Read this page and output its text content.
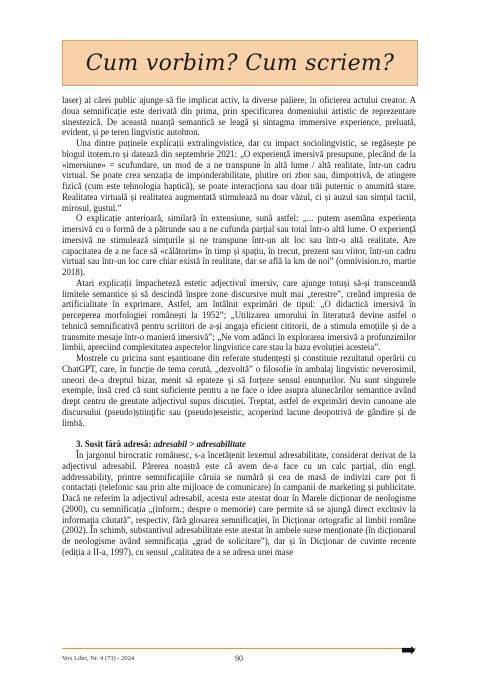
Cum vorbim? Cum scriem?

laser) al cărei public ajunge să fie implicat activ, la diverse paliere, în oficierea actului creator. A doua semnificație este derivată din prima, prin specificarea domeniului artistic de reprezentare sinestezică. De această nuanță semantică se leagă și sintagma immersive experience, preluată, evident, și pe teren lingvistic autohton.

Una dintre puținele explicații extralingvistice, dar cu impact sociolingvistic, se regăsește pe blogul itotem.ro și datează din septembrie 2021: „O experiență imersivă presupune, plecând de la «imersiune» = scufundare, un mod de a ne transpune în altă lume / altă realitate, într-un cadru virtual. Se poate crea senzația de imponderabilitate, plutire ori zbor sau, dimpotrivă, de atingere fizică (cum este tehnologia haptică), se poate interacționa sau doar trăi puternic o anumită stare. Realitatea virtuală și realitatea augmentată stimulează nu doar văzul, ci și auzul sau simțul tactil, mirosul, gustul.”

O explicație anterioară, similară în extensiune, sună astfel: „... putem asemăna experiența imersivă cu o formă de a pătrunde sau a ne cufunda parțial sau total într-o altă lume. O experiență imersivă ne stimulează simțurile și ne transpune într-un alt loc sau într-o altă realitate. Are capacitatea de a ne face să «călătorim» în timp și spațiu, în trecut, prezent sau viitor, într-un cadru virtual sau într-un loc care chiar există în realitate, dar se află la km de noi” (omnivision.ro, martie 2018).

Atari explicații împacheteză estetic adjectivul imersiv, care ajunge totuși să-și transceandă limitele semantice și să descindă înspre zone discursive mult mai „terestre”, creând impresia de artificialitate în exprimare. Astfel, am întâlnit exprimări de tipul: „O didactică imersivă în perceperea morfologiei românești la 1952”; „Utilizarea umorului în literatură devine astfel o tehnică semnificativă pentru scriitori de a-și angaja eficient cititorii, de a stimula emoțiile și de a transmite mesaje într-o manieră imersivă”; „Ne vom adânci în explorarea imersivă a profunzimilor limbii, apreciind complexitatea aspectelor lingvistice care stau la baza evoluției acesteia”.

Mostrele cu pricina sunt eșantioane din referate studențești și constituie rezultatul operării cu ChatGPT, care, în funcție de tema cerută, „dezvoltă” o filosofie în ambalaj lingvistic neverosimil, uneori de-a dreptul bizar, menit să epateze și să forțeze sensul enunțurilor. Nu sunt singurele exemple, însă cred că sunt suficiente pentru a ne face o idee asupra alunecărilor semantice având drept centru de greutate adjectivul supus discuției. Treptat, astfel de exprimări devin canoane ale discursului (pseudo)științific sau (pseudo)eseistic, acoperind lacune deopotrivă de gândire și de limbă.

3. Sosit fără adresă: adresabil > adresabilitate

În jargonul birocratic românesc, s-a încetățenit lexemul adresabilitate, considerat derivat de la adjectivul adresabil. Părerea noastră este că avem de-a face cu un calc parțial, din engl. addressability, printre semnificațiile căruia se numără și cea de masă de indivizi care pot fi contactați (telefonic sau prin alte mijloace de comunicare) în campanii de marketing și publicitate. Dacă ne referim la adjectivul adresabil, acesta este atestat doar în Marele dicționar de neologisme (2000), cu semnificația „(inform.; despre o memorie) care permite să se ajungă direct exclusiv la informația căutată”, respectiv, fără glosarea semnificației, în Dicționar ortografic al limbii române (2002). În schimb, substantivul adresabilitate este atestat în ambele surse menționate (în dicționarul de neologisme având semnificația „grad de solicitare”), dar și în Dicționar de cuvinte recente (ediția a II-a, 1997), cu sensul „calitatea de a se adresa unei mase

Vox Libri, Nr. 4 (73) - 2024	90	➡
